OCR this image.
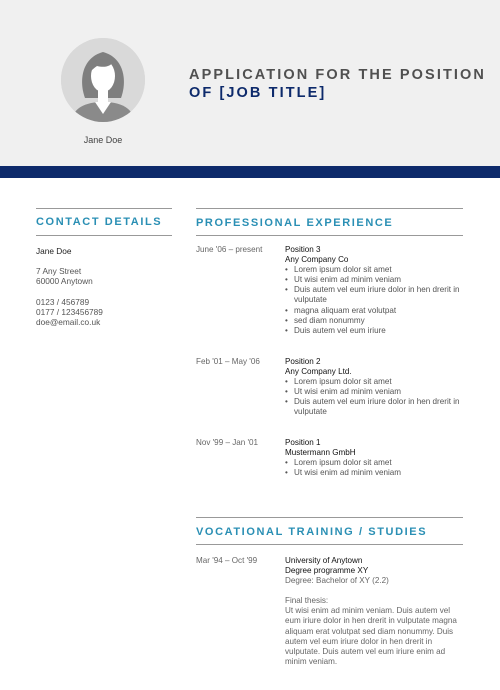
Jane Doe
APPLICATION FOR THE POSITION
OF [JOB TITLE]
CONTACT DETAILS
Jane Doe
7 Any Street
60000 Anytown
0123 / 456789
0177 / 123456789
doe@email.co.uk
PROFESSIONAL EXPERIENCE
June '06 – present	Position 3
Any Company Co
• Lorem ipsum dolor sit amet
• Ut wisi enim ad minim veniam
• Duis autem vel eum iriure dolor in hen drerit in vulputate
• magna aliquam erat volutpat
• sed diam nonummy
• Duis autem vel eum iriure
Feb '01 – May '06	Position 2
Any Company Ltd.
• Lorem ipsum dolor sit amet
• Ut wisi enim ad minim veniam
• Duis autem vel eum iriure dolor in hen drerit in vulputate
Nov '99 – Jan '01	Position 1
Mustermann GmbH
• Lorem ipsum dolor sit amet
• Ut wisi enim ad minim veniam
VOCATIONAL TRAINING / STUDIES
Mar '94 – Oct '99	University of Anytown
Degree programme XY
Degree: Bachelor of XY (2.2)
Final thesis:
Ut wisi enim ad minim veniam. Duis autem vel eum iriure dolor in hen drerit in vulputate magna aliquam erat volutpat sed diam nonummy. Duis autem vel eum iriure dolor in hen drerit in vulputate. Duis autem vel eum iriure enim ad minim veniam.
